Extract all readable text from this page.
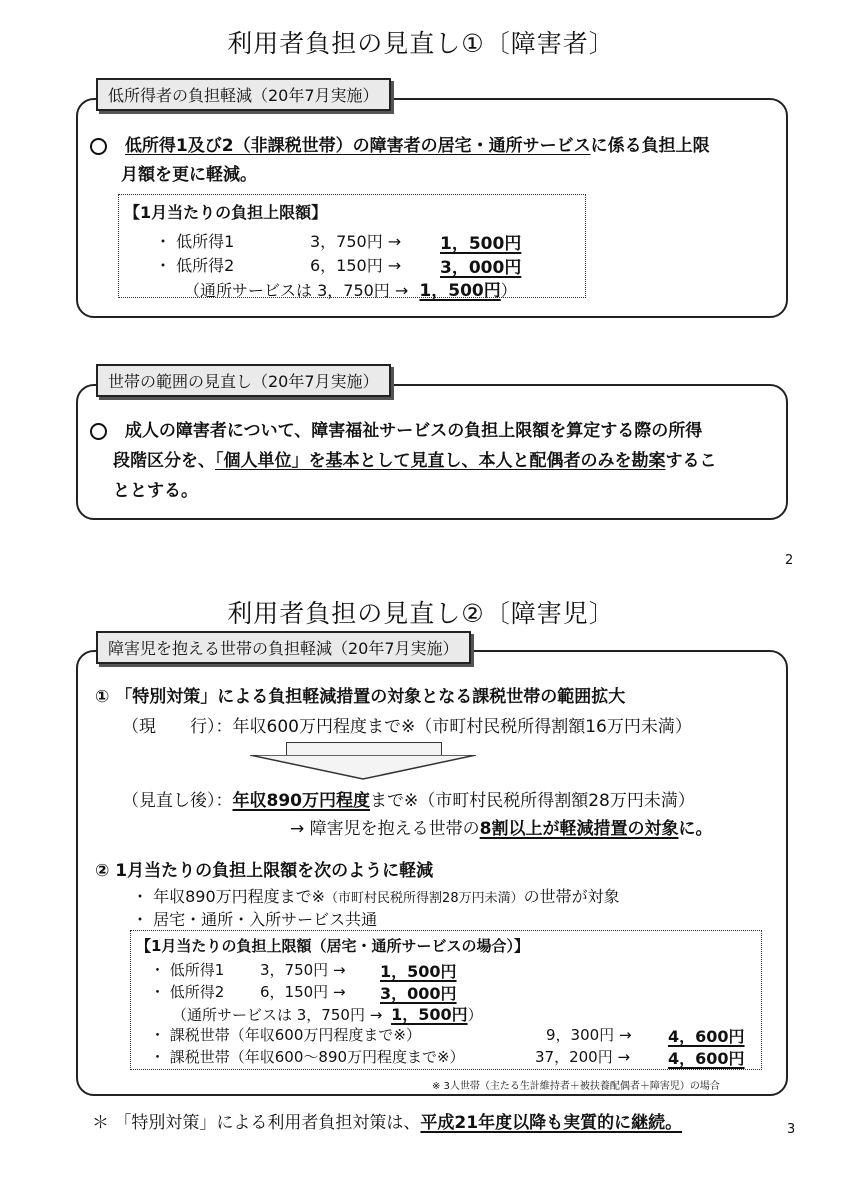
利用者負担の見直し①〔障害者〕
低所得者の負担軽減（20年7月実施）
低所得1及び2（非課税世帯）の障害者の居宅・通所サービスに係る負担上限
月額を更に軽減。
【1月当たりの負担上限額】
・ 低所得1	3，750円 → 1，500円
・ 低所得2	6，150円 → 3，000円
（通所サービスは 3，750円 → 1，500円）
世帯の範囲の見直し（20年7月実施）
成人の障害者について、障害福祉サービスの負担上限額を算定する際の所得
段階区分を、「個人単位」を基本として見直し、本人と配偶者のみを勘案するこ
ととする。
2
利用者負担の見直し②〔障害児〕
障害児を抱える世帯の負担軽減（20年7月実施）
① 「特別対策」による負担軽減措置の対象となる課税世帯の範囲拡大
（現　　行）：年収600万円程度まで※（市町村民税所得割額16万円未満）
（見直し後）：年収890万円程度まで※（市町村民税所得割額28万円未満）
→ 障害児を抱える世帯の8割以上が軽減措置の対象に。
② 1月当たりの負担上限額を次のように軽減
・ 年収890万円程度まで※（市町村民税所得割28万円未満）の世帯が対象
・ 居宅・通所・入所サービス共通
【1月当たりの負担上限額（居宅・通所サービスの場合）】
・ 低所得1 3，750円 → 1，500円
・ 低所得2 6，150円 → 3，000円
（通所サービスは 3，750円 → 1，500円）
・ 課税世帯（年収600万円程度まで※）	9，300円 → 4，600円
・ 課税世帯（年収600～890万円程度まで※）	37，200円 → 4，600円
※ 3人世帯（主たる生計維持者＋被扶養配偶者＋障害児）の場合
＊ 「特別対策」による利用者負担対策は、平成21年度以降も実質的に継続。	3
